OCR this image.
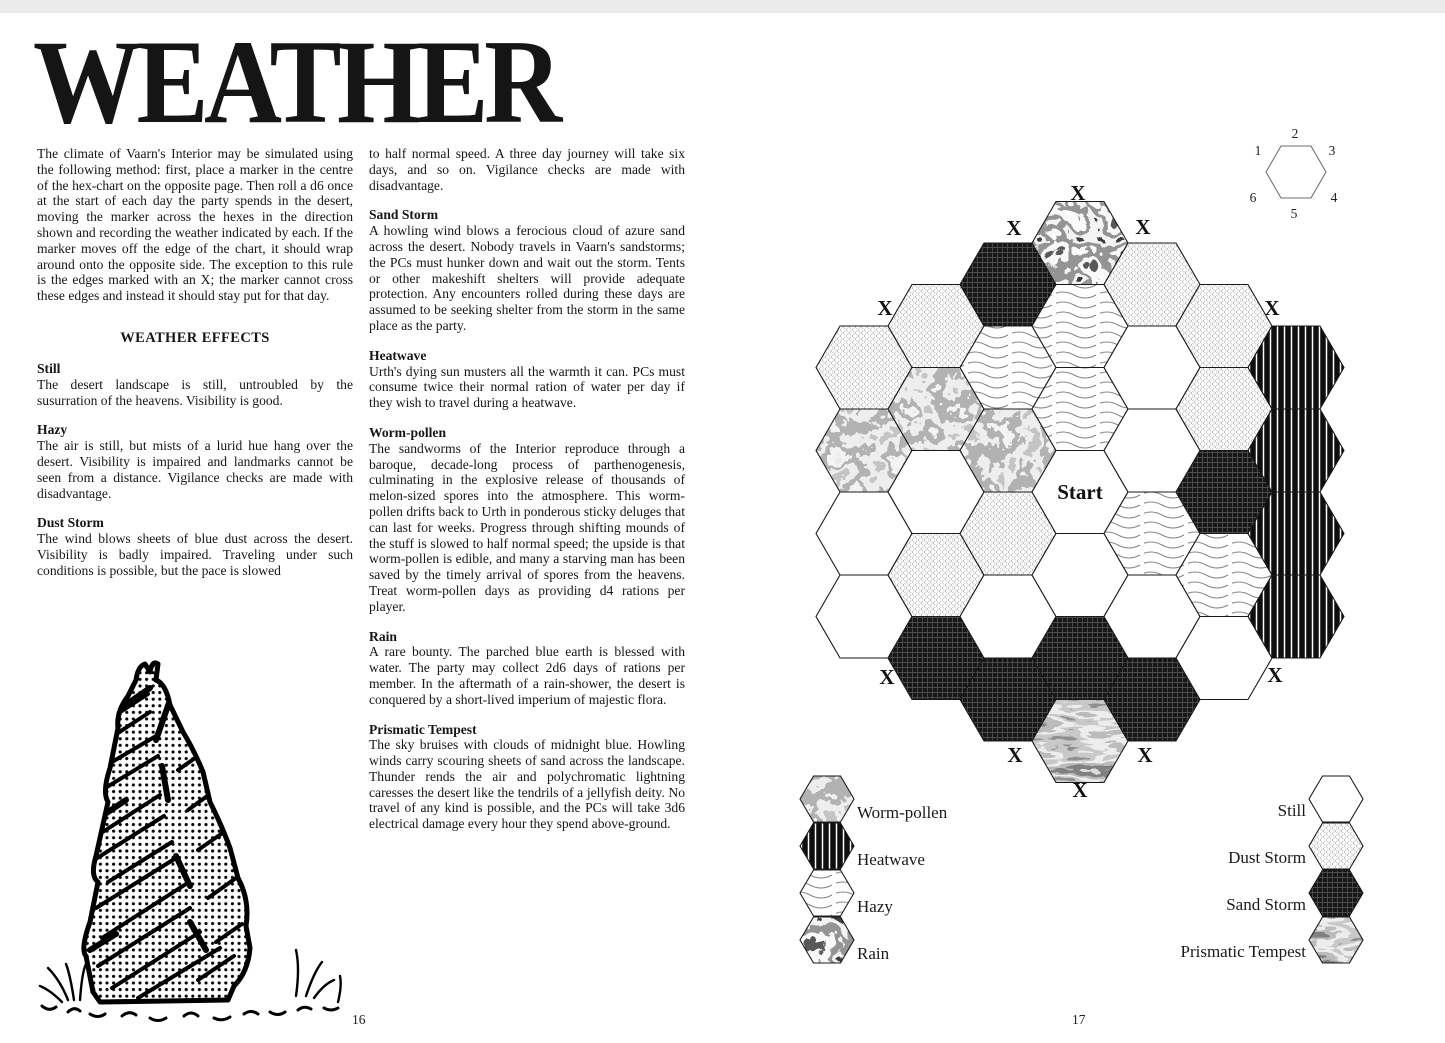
WEATHER

The climate of Vaarn's Interior may be simulated using the following method: first, place a marker in the centre of the hex-chart on the opposite page. Then roll a d6 once at the start of each day the party spends in the desert, moving the marker across the hexes in the direction shown and recording the weather indicated by each. If the marker moves off the edge of the chart, it should wrap around onto the opposite side. The exception to this rule is the edges marked with an X; the marker cannot cross these edges and instead it should stay put for that day.

WEATHER EFFECTS
Still

The desert landscape is still, untroubled by the susurration of the heavens. Visibility is good.

Hazy

The air is still, but mists of a lurid hue hang over the desert. Visibility is impaired and landmarks cannot be seen from a distance. Vigilance checks are made with disadvantage.

Dust Storm

The wind blows sheets of blue dust across the desert. Visibility is badly impaired. Traveling under such conditions is possible, but the pace is slowed

to half normal speed. A three day journey will take six days, and so on. Vigilance checks are made with disadvantage.

Sand Storm

A howling wind blows a ferocious cloud of azure sand across the desert. Nobody travels in Vaarn's sandstorms; the PCs must hunker down and wait out the storm. Tents or other makeshift shelters will provide adequate protection. Any encounters rolled during these days are assumed to be seeking shelter from the storm in the same place as the party.

Heatwave

Urth's dying sun musters all the warmth it can. PCs must consume twice their normal ration of water per day if they wish to travel during a heatwave.

Worm-pollen

The sandworms of the Interior reproduce through a baroque, decade-long process of parthenogenesis, culminating in the explosive release of thousands of melon-sized spores into the atmosphere. This worm-pollen drifts back to Urth in ponderous sticky deluges that can last for weeks. Progress through shifting mounds of the stuff is slowed to half normal speed; the upside is that worm-pollen is edible, and many a starving man has been saved by the timely arrival of spores from the heavens. Treat worm-pollen days as providing d4 rations per player.

Rain

A rare bounty. The parched blue earth is blessed with water. The party may collect 2d6 days of rations per member. In the aftermath of a rain-shower, the desert is conquered by a short-lived imperium of majestic flora.

Prismatic Tempest

The sky bruises with clouds of midnight blue. Howling winds carry scouring sheets of sand across the landscape. Thunder rends the air and polychromatic lightning caresses the desert like the tendrils of a jellyfish deity. No travel of any kind is possible, and the PCs will take 3d6 electrical damage every hour they spend above-ground.

16	17
Start
X
X	X
X	X
X	X
X	X
X
1
2
3
4
5
6
Worm-pollen
Heatwave
Hazy
Rain
Still
Dust Storm
Sand Storm
Prismatic Tempest
